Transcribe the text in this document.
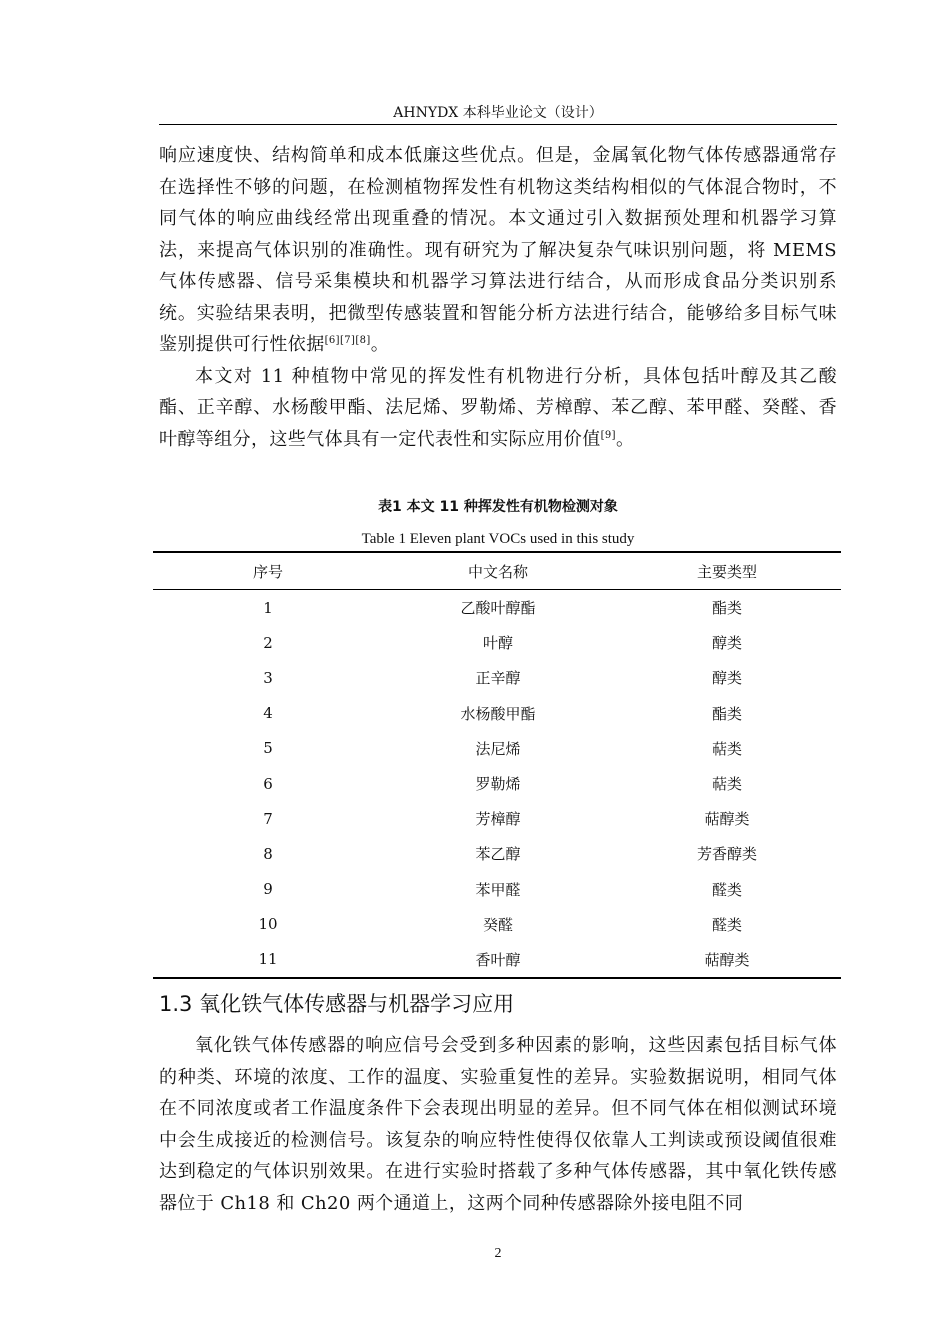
AHNYDX 本科毕业论文（设计）

响应速度快、结构简单和成本低廉这些优点。但是，金属氧化物气体传感器通常存在选择性不够的问题，在检测植物挥发性有机物这类结构相似的气体混合物时，不同气体的响应曲线经常出现重叠的情况。本文通过引入数据预处理和机器学习算法，来提高气体识别的准确性。现有研究为了解决复杂气味识别问题，将 MEMS 气体传感器、信号采集模块和机器学习算法进行结合，从而形成食品分类识别系统。实验结果表明，把微型传感装置和智能分析方法进行结合，能够给多目标气味鉴别提供可行性依据[6][7][8]。

本文对 11 种植物中常见的挥发性有机物进行分析，具体包括叶醇及其乙酸酯、正辛醇、水杨酸甲酯、法尼烯、罗勒烯、芳樟醇、苯乙醇、苯甲醛、癸醛、香叶醇等组分，这些气体具有一定代表性和实际应用价值[9]。

表1 本文 11 种挥发性有机物检测对象
Table 1 Eleven plant VOCs used in this study
序号	中文名称	主要类型
1	乙酸叶醇酯	酯类
2	叶醇	醇类
3	正辛醇	醇类
4	水杨酸甲酯	酯类
5	法尼烯	萜类
6	罗勒烯	萜类
7	芳樟醇	萜醇类
8	苯乙醇	芳香醇类
9	苯甲醛	醛类
10	癸醛	醛类
11	香叶醇	萜醇类
1.3 氧化铁气体传感器与机器学习应用

氧化铁气体传感器的响应信号会受到多种因素的影响，这些因素包括目标气体的种类、环境的浓度、工作的温度、实验重复性的差异。实验数据说明，相同气体在不同浓度或者工作温度条件下会表现出明显的差异。但不同气体在相似测试环境中会生成接近的检测信号。该复杂的响应特性使得仅依靠人工判读或预设阈值很难达到稳定的气体识别效果。在进行实验时搭载了多种气体传感器，其中氧化铁传感器位于 Ch18 和 Ch20 两个通道上，这两个同种传感器除外接电阻不同

2
